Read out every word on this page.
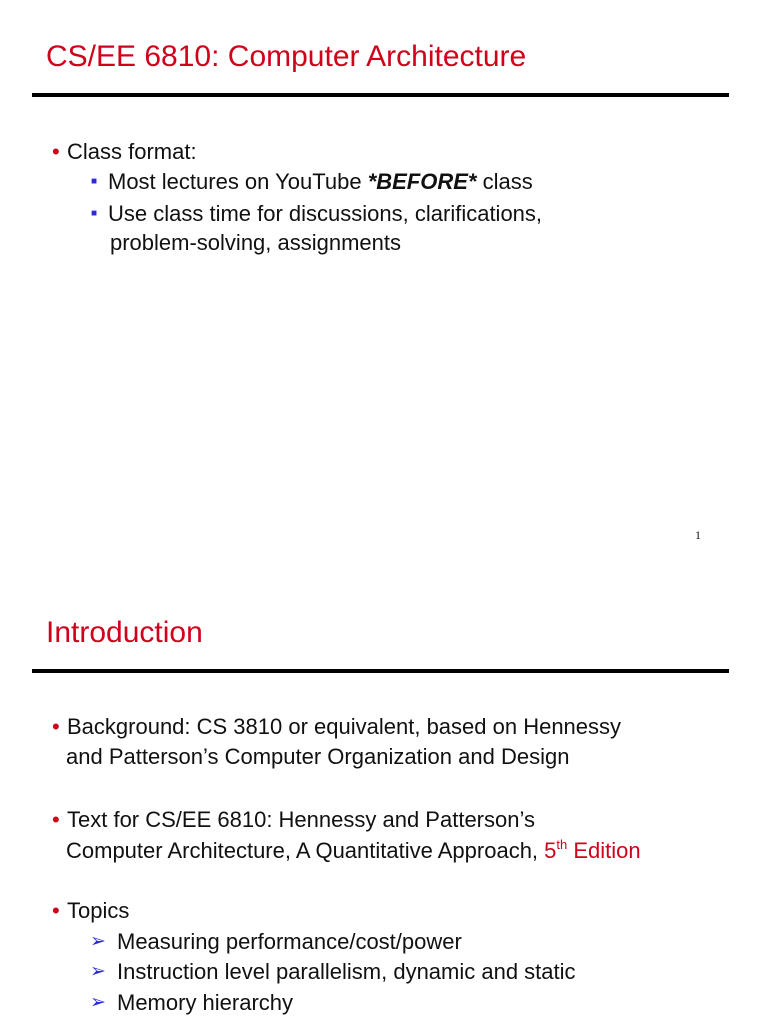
CS/EE 6810: Computer Architecture
• Class format:
■ Most lectures on YouTube *BEFORE* class
■ Use class time for discussions, clarifications,
problem-solving, assignments
1
Introduction
• Background: CS 3810 or equivalent, based on Hennessy
and Patterson’s Computer Organization and Design
• Text for CS/EE 6810: Hennessy and Patterson’s
Computer Architecture, A Quantitative Approach, 5th Edition
• Topics
➢ Measuring performance/cost/power
➢ Instruction level parallelism, dynamic and static
➢ Memory hierarchy
